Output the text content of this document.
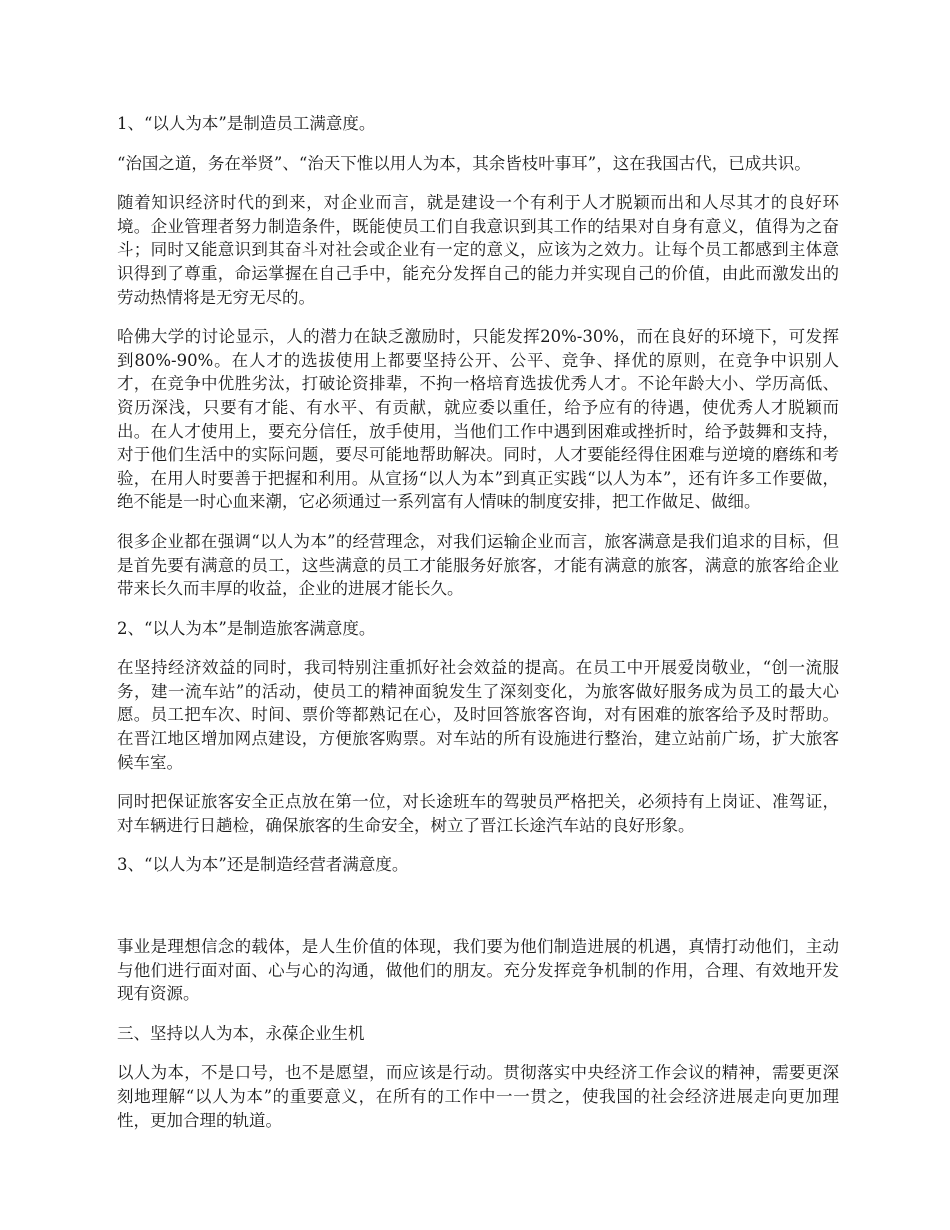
1、“以人为本”是制造员工满意度。

“治国之道，务在举贤”、“治天下惟以用人为本，其余皆枝叶事耳”，这在我国古代，已成共识。

随着知识经济时代的到来，对企业而言，就是建设一个有利于人才脱颖而出和人尽其才的良好环境。企业管理者努力制造条件，既能使员工们自我意识到其工作的结果对自身有意义，值得为之奋斗；同时又能意识到其奋斗对社会或企业有一定的意义，应该为之效力。让每个员工都感到主体意识得到了尊重，命运掌握在自己手中，能充分发挥自己的能力并实现自己的价值，由此而激发出的劳动热情将是无穷无尽的。

哈佛大学的讨论显示，人的潜力在缺乏激励时，只能发挥20%-30%，而在良好的环境下，可发挥到80%-90%。在人才的选拔使用上都要坚持公开、公平、竞争、择优的原则，在竞争中识别人才，在竞争中优胜劣汰，打破论资排辈，不拘一格培育选拔优秀人才。不论年龄大小、学历高低、资历深浅，只要有才能、有水平、有贡献，就应委以重任，给予应有的待遇，使优秀人才脱颖而出。在人才使用上，要充分信任，放手使用，当他们工作中遇到困难或挫折时，给予鼓舞和支持，对于他们生活中的实际问题，要尽可能地帮助解决。同时，人才要能经得住困难与逆境的磨练和考验，在用人时要善于把握和利用。从宣扬“以人为本”到真正实践“以人为本”，还有许多工作要做，绝不能是一时心血来潮，它必须通过一系列富有人情味的制度安排，把工作做足、做细。

很多企业都在强调“以人为本”的经营理念，对我们运输企业而言，旅客满意是我们追求的目标，但是首先要有满意的员工，这些满意的员工才能服务好旅客，才能有满意的旅客，满意的旅客给企业带来长久而丰厚的收益，企业的进展才能长久。

2、“以人为本”是制造旅客满意度。

在坚持经济效益的同时，我司特别注重抓好社会效益的提高。在员工中开展爱岗敬业，“创一流服务，建一流车站”的活动，使员工的精神面貌发生了深刻变化，为旅客做好服务成为员工的最大心愿。员工把车次、时间、票价等都熟记在心，及时回答旅客咨询，对有困难的旅客给予及时帮助。在晋江地区增加网点建设，方便旅客购票。对车站的所有设施进行整治，建立站前广场，扩大旅客候车室。

同时把保证旅客安全正点放在第一位，对长途班车的驾驶员严格把关，必须持有上岗证、准驾证，对车辆进行日趟检，确保旅客的生命安全，树立了晋江长途汽车站的良好形象。

3、“以人为本”还是制造经营者满意度。

事业是理想信念的载体，是人生价值的体现，我们要为他们制造进展的机遇，真情打动他们，主动与他们进行面对面、心与心的沟通，做他们的朋友。充分发挥竞争机制的作用，合理、有效地开发现有资源。

三、坚持以人为本，永葆企业生机

以人为本，不是口号，也不是愿望，而应该是行动。贯彻落实中央经济工作会议的精神，需要更深刻地理解“以人为本”的重要意义，在所有的工作中一一贯之，使我国的社会经济进展走向更加理性，更加合理的轨道。
